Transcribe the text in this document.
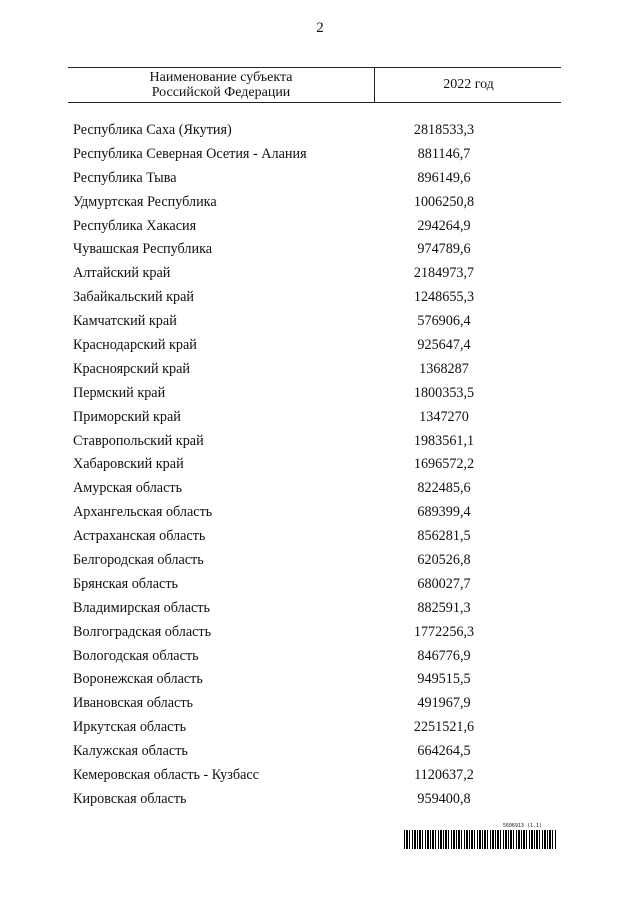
2
Наименование субъекта
Российской Федерации
2022 год
Республика Саха (Якутия)	2818533,3
Республика Северная Осетия - Алания	881146,7
Республика Тыва	896149,6
Удмуртская Республика	1006250,8
Республика Хакасия	294264,9
Чувашская Республика	974789,6
Алтайский край	2184973,7
Забайкальский край	1248655,3
Камчатский край	576906,4
Краснодарский край	925647,4
Красноярский край	1368287
Пермский край	1800353,5
Приморский край	1347270
Ставропольский край	1983561,1
Хабаровский край	1696572,2
Амурская область	822485,6
Архангельская область	689399,4
Астраханская область	856281,5
Белгородская область	620526,8
Брянская область	680027,7
Владимирская область	882591,3
Волгоградская область	1772256,3
Вологодская область	846776,9
Воронежская область	949515,5
Ивановская область	491967,9
Иркутская область	2251521,6
Калужская область	664264,5
Кемеровская область - Кузбасс	1120637,2
Кировская область	959400,8
5606913 (1.1)
